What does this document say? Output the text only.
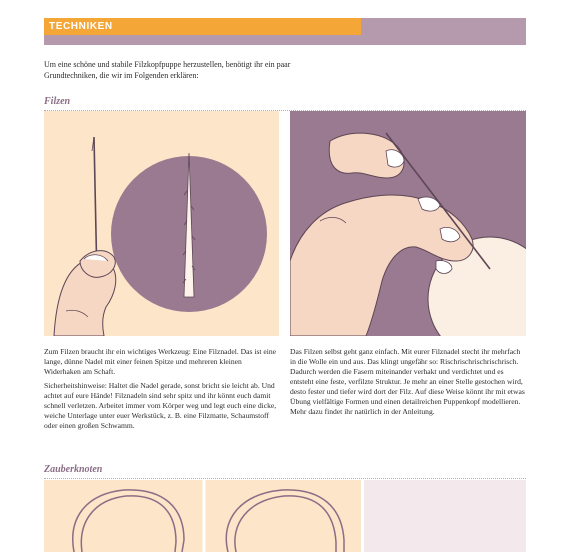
TECHNIKEN
Um eine schöne und stabile Filzkopfpuppe herzustellen, benötigt ihr ein paar Grundtechniken, die wir im Folgenden erklären:
Filzen

Zum Filzen braucht ihr ein wichtiges Werkzeug: Eine Filznadel. Das ist eine lange, dünne Nadel mit einer feinen Spitze und mehreren kleinen Widerhaken am Schaft.

Sicherheitshinweise: Haltet die Nadel gerade, sonst bricht sie leicht ab. Und achtet auf eure Hände! Filznadeln sind sehr spitz und ihr könnt euch damit schnell verletzen. Arbeitet immer vom Körper weg und legt euch eine dicke, weiche Unterlage unter euer Werkstück, z. B. eine Filzmatte, Schaumstoff oder einen großen Schwamm.

Das Filzen selbst geht ganz einfach. Mit eurer Filznadel stecht ihr mehrfach in die Wolle ein und aus. Das klingt ungefähr so: Rischrischrischrischrisch. Dadurch werden die Fasern miteinander verhakt und verdichtet und es entsteht eine feste, verfilzte Struktur. Je mehr an einer Stelle gestochen wird, desto fester und tiefer wird dort der Filz. Auf diese Weise könnt ihr mit etwas Übung vielfältige Formen und einen detailreichen Puppenkopf modellieren. Mehr dazu findet ihr natürlich in der Anleitung.

Zauberknoten
